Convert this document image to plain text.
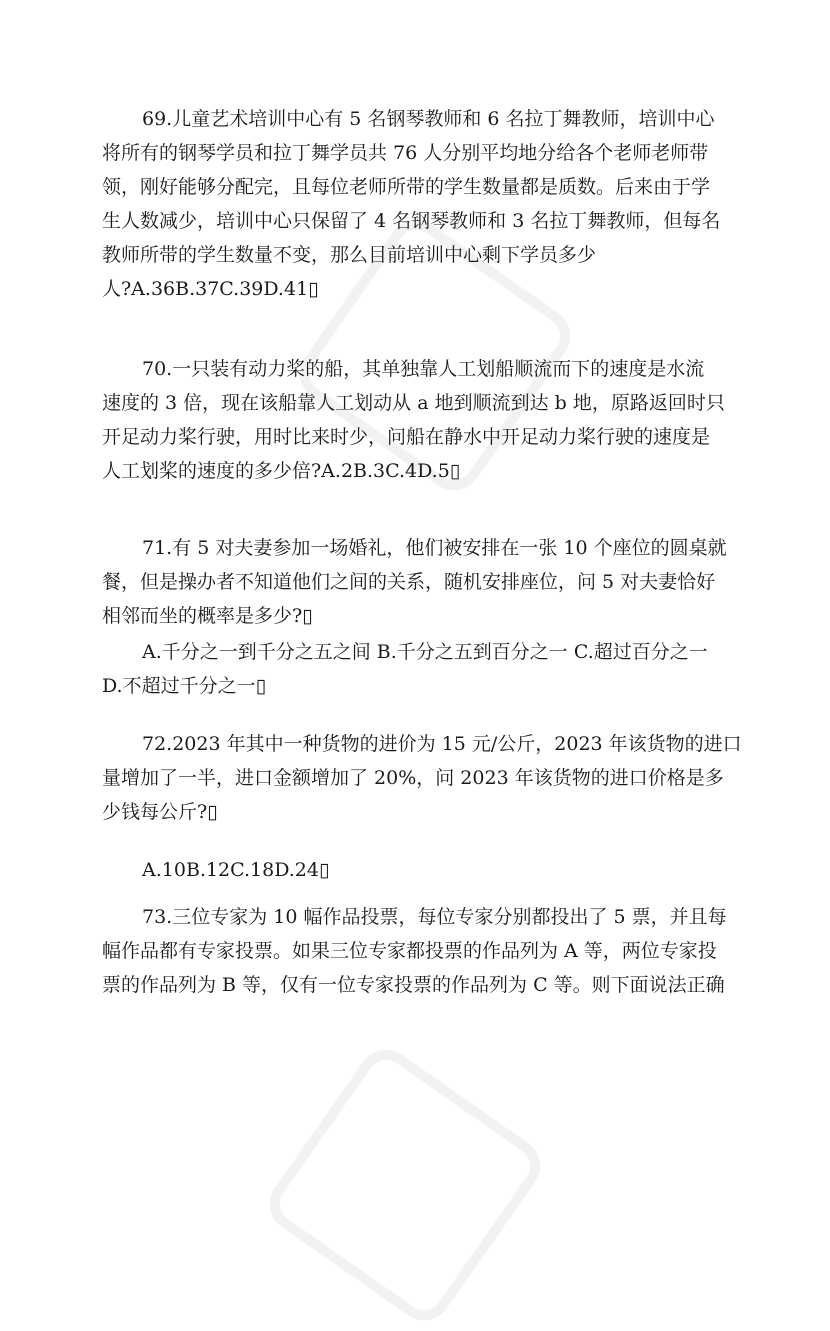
69.儿童艺术培训中心有 5 名钢琴教师和 6 名拉丁舞教师，培训中心
将所有的钢琴学员和拉丁舞学员共 76 人分别平均地分给各个老师老师带
领，刚好能够分配完，且每位老师所带的学生数量都是质数。后来由于学
生人数减少，培训中心只保留了 4 名钢琴教师和 3 名拉丁舞教师，但每名
教师所带的学生数量不变，那么目前培训中心剩下学员多少
人?A.36B.37C.39D.41▯
70.一只装有动力桨的船，其单独靠人工划船顺流而下的速度是水流
速度的 3 倍，现在该船靠人工划动从 a 地到顺流到达 b 地，原路返回时只
开足动力桨行驶，用时比来时少，问船在静水中开足动力桨行驶的速度是
人工划桨的速度的多少倍?A.2B.3C.4D.5▯
71.有 5 对夫妻参加一场婚礼，他们被安排在一张 10 个座位的圆桌就
餐，但是操办者不知道他们之间的关系，随机安排座位，问 5 对夫妻恰好
相邻而坐的概率是多少?▯
A.千分之一到千分之五之间 B.千分之五到百分之一 C.超过百分之一
D.不超过千分之一▯
72.2023 年其中一种货物的进价为 15 元/公斤，2023 年该货物的进口
量增加了一半，进口金额增加了 20%，问 2023 年该货物的进口价格是多
少钱每公斤?▯
A.10B.12C.18D.24▯
73.三位专家为 10 幅作品投票，每位专家分别都投出了 5 票，并且每
幅作品都有专家投票。如果三位专家都投票的作品列为 A 等，两位专家投
票的作品列为 B 等，仅有一位专家投票的作品列为 C 等。则下面说法正确
